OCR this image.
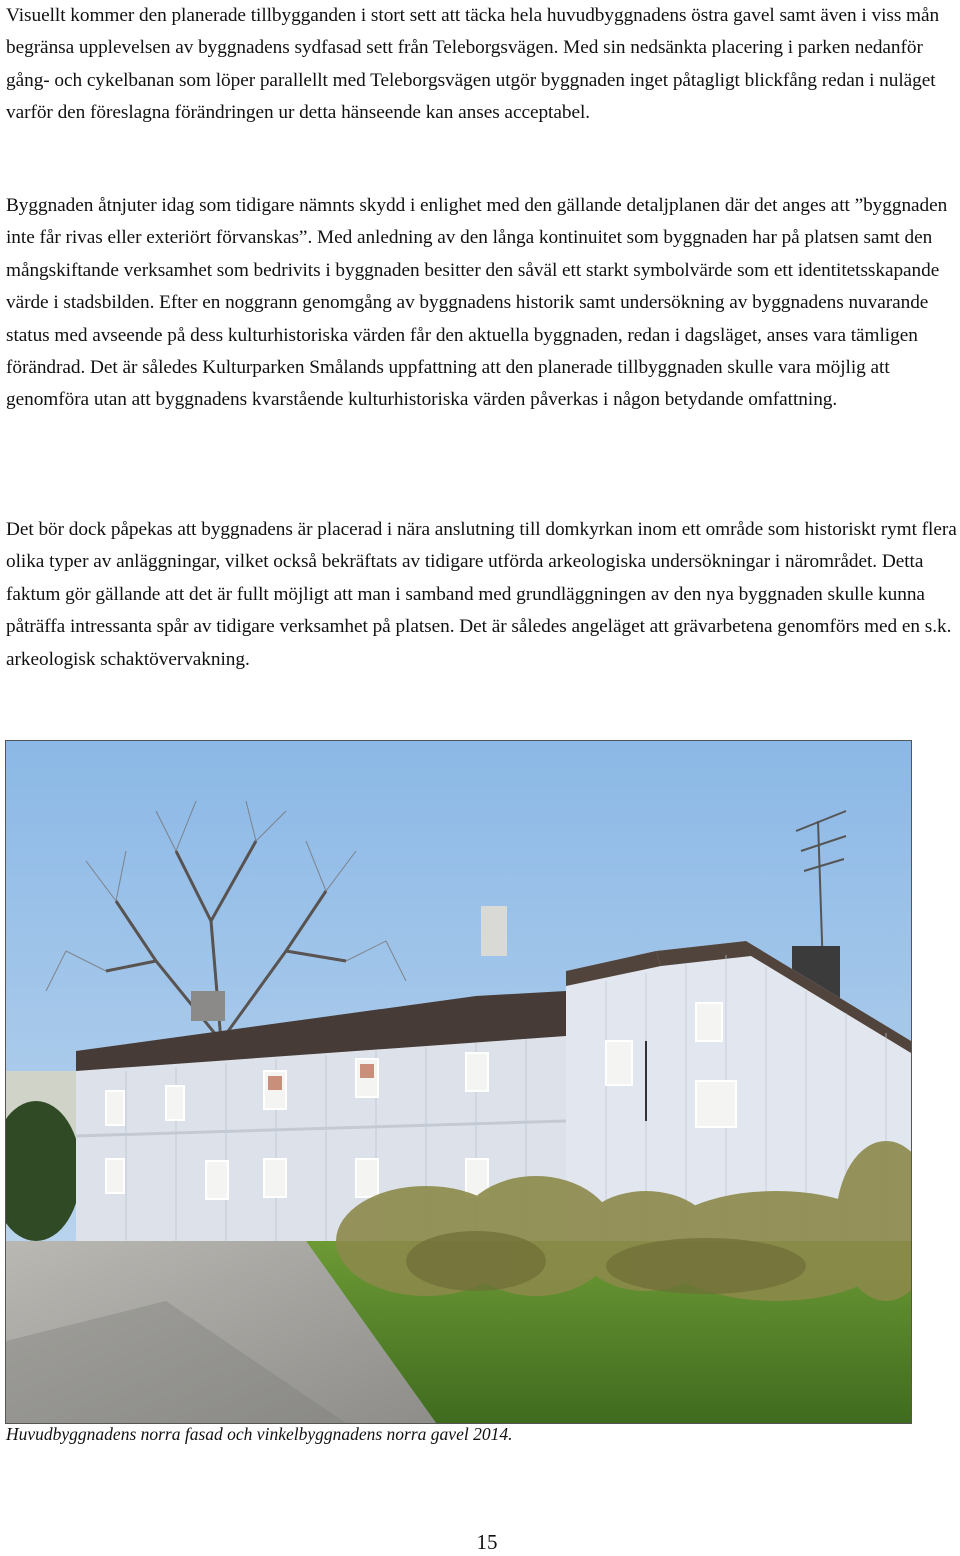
Visuellt kommer den planerade tillbygganden i stort sett att täcka hela huvudbyggnadens östra gavel samt även i viss mån begränsa upplevelsen av byggnadens sydfasad sett från Teleborgsvägen. Med sin nedsänkta placering i parken nedanför gång- och cykelbanan som löper parallellt med Teleborgsvägen utgör byggnaden inget påtagligt blickfång redan i nuläget varför den föreslagna förändringen ur detta hänseende kan anses acceptabel.

Byggnaden åtnjuter idag som tidigare nämnts skydd i enlighet med den gällande detaljplanen där det anges att ”byggnaden inte får rivas eller exteriört förvanskas”. Med anledning av den långa kontinuitet som byggnaden har på platsen samt den mångskiftande verksamhet som bedrivits i byggnaden besitter den såväl ett starkt symbolvärde som ett identitetsskapande värde i stadsbilden. Efter en noggrann genomgång av byggnadens historik samt undersökning av byggnadens nuvarande status med avseende på dess kulturhistoriska värden får den aktuella byggnaden, redan i dagsläget, anses vara tämligen förändrad. Det är således Kulturparken Smålands uppfattning att den planerade tillbyggnaden skulle vara möjlig att genomföra utan att byggnadens kvarstående kulturhistoriska värden påverkas i någon betydande omfattning.

Det bör dock påpekas att byggnadens är placerad i nära anslutning till domkyrkan inom ett område som historiskt rymt flera olika typer av anläggningar, vilket också bekräftats av tidigare utförda arkeologiska undersökningar i närområdet. Detta faktum gör gällande att det är fullt möjligt att man i samband med grundläggningen av den nya byggnaden skulle kunna påträffa intressanta spår av tidigare verksamhet på platsen. Det är således angeläget att grävarbetena genomförs med en s.k. arkeologisk schaktövervakning.

Huvudbyggnadens norra fasad och vinkelbyggnadens norra gavel 2014.

15
